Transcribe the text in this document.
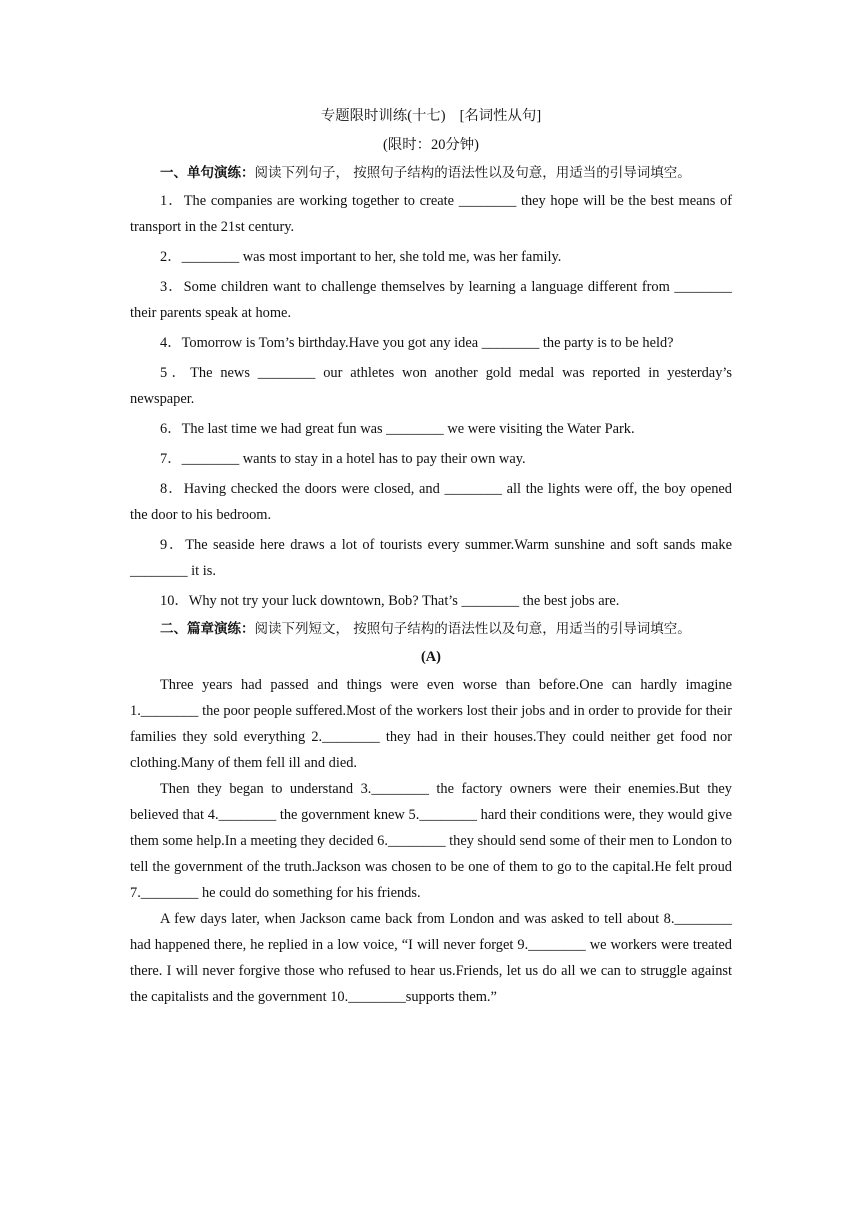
专题限时训练(十七) [名词性从句]
(限时：20分钟)

一、单句演练：阅读下列句子， 按照句子结构的语法性以及句意，用适当的引导词填空。

1．The companies are working together to create ________ they hope will be the best means of transport in the 21st century.

2．________ was most important to her, she told me, was her family.

3．Some children want to challenge themselves by learning a language different from ________ their parents speak at home.

4．Tomorrow is Tom’s birthday.Have you got any idea ________ the party is to be held?

5．The news ________ our athletes won another gold medal was reported in yesterday’s newspaper.

6．The last time we had great fun was ________ we were visiting the Water Park.

7．________ wants to stay in a hotel has to pay their own way.

8．Having checked the doors were closed, and ________ all the lights were off, the boy opened the door to his bedroom.

9．The seaside here draws a lot of tourists every summer.Warm sunshine and soft sands make ________ it is.

10．Why not try your luck downtown, Bob? That’s ________ the best jobs are.

二、篇章演练：阅读下列短文， 按照句子结构的语法性以及句意，用适当的引导词填空。

(A)

Three years had passed and things were even worse than before.One can hardly imagine 1.________ the poor people suffered.Most of the workers lost their jobs and in order to provide for their families they sold everything 2.________ they had in their houses.They could neither get food nor clothing.Many of them fell ill and died.

Then they began to understand 3.________ the factory owners were their enemies.But they believed that 4.________ the government knew 5.________ hard their conditions were, they would give them some help.In a meeting they decided 6.________ they should send some of their men to London to tell the government of the truth.Jackson was chosen to be one of them to go to the capital.He felt proud 7.________ he could do something for his friends.

A few days later, when Jackson came back from London and was asked to tell about 8.________ had happened there, he replied in a low voice, “I will never forget 9.________ we workers were treated there. I will never forgive those who refused to hear us.Friends, let us do all we can to struggle against the capitalists and the government 10.________supports them.”
